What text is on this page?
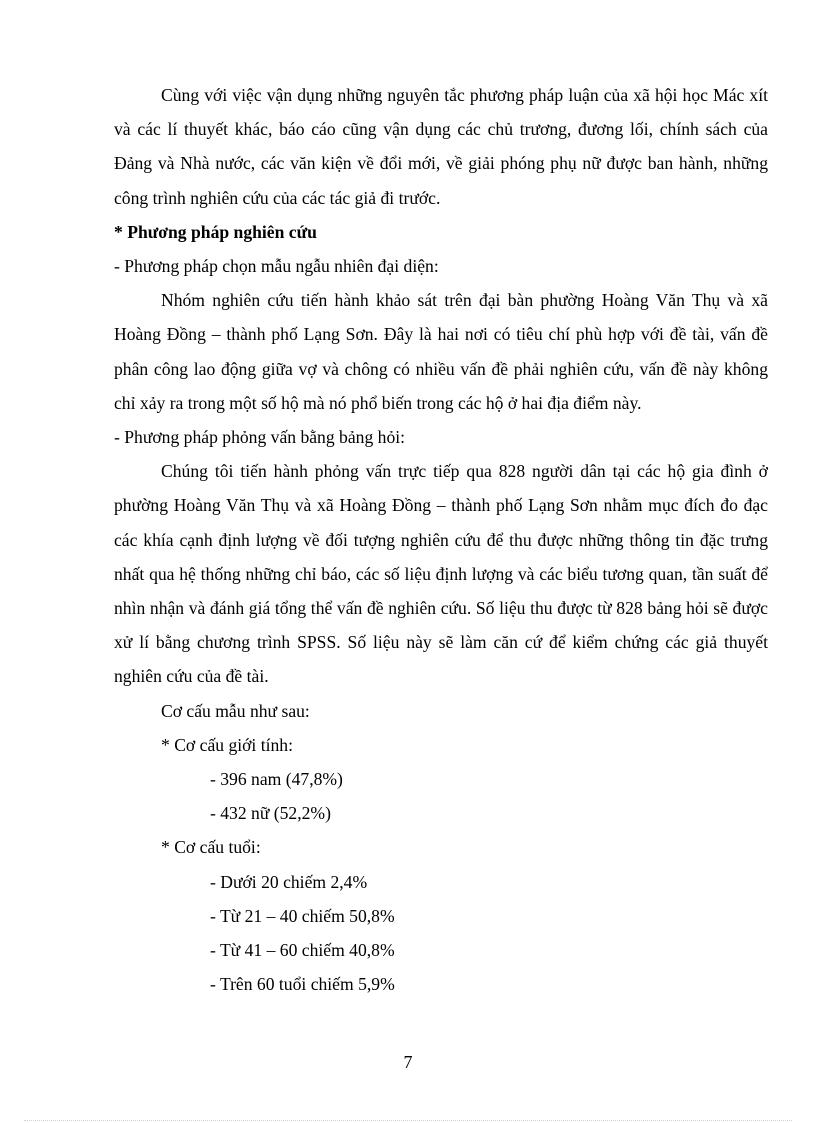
Cùng với việc vận dụng những nguyên tắc phương pháp luận của xã hội học Mác xít và các lí thuyết khác, báo cáo cũng vận dụng các chủ trương, đương lối, chính sách của Đảng và Nhà nước, các văn kiện về đổi mới, về giải phóng phụ nữ được ban hành, những công trình nghiên cứu của các tác giả đi trước.

* Phương pháp nghiên cứu

- Phương pháp chọn mẫu ngẫu nhiên đại diện:

Nhóm nghiên cứu tiến hành khảo sát trên đại bàn phường Hoàng Văn Thụ và xã Hoàng Đồng – thành phố Lạng Sơn. Đây là hai nơi có tiêu chí phù hợp với đề tài, vấn đề phân công lao động giữa vợ và chông có nhiều vấn đề phải nghiên cứu, vấn đề này không chỉ xảy ra trong một số hộ mà nó phổ biến trong các hộ ở hai địa điểm này.

- Phương pháp phỏng vấn bằng bảng hỏi:

Chúng tôi tiến hành phỏng vấn trực tiếp qua 828 người dân tại các hộ gia đình ở phường Hoàng Văn Thụ và xã Hoàng Đồng – thành phố Lạng Sơn nhằm mục đích đo đạc các khía cạnh định lượng về đối tượng nghiên cứu để thu được những thông tin đặc trưng nhất qua hệ thống những chỉ báo, các số liệu định lượng và các biểu tương quan, tần suất để nhìn nhận và đánh giá tổng thể vấn đề nghiên cứu. Số liệu thu được từ 828 bảng hỏi sẽ được xử lí bằng chương trình SPSS. Số liệu này sẽ làm căn cứ để kiểm chứng các giả thuyết nghiên cứu của đề tài.

Cơ cấu mẫu như sau:

* Cơ cấu giới tính:

- 396 nam (47,8%)

- 432 nữ (52,2%)

* Cơ cấu tuổi:

- Dưới 20 chiếm 2,4%

- Từ 21 – 40 chiếm 50,8%

- Từ 41 – 60 chiếm 40,8%

- Trên 60 tuổi chiếm 5,9%

7
